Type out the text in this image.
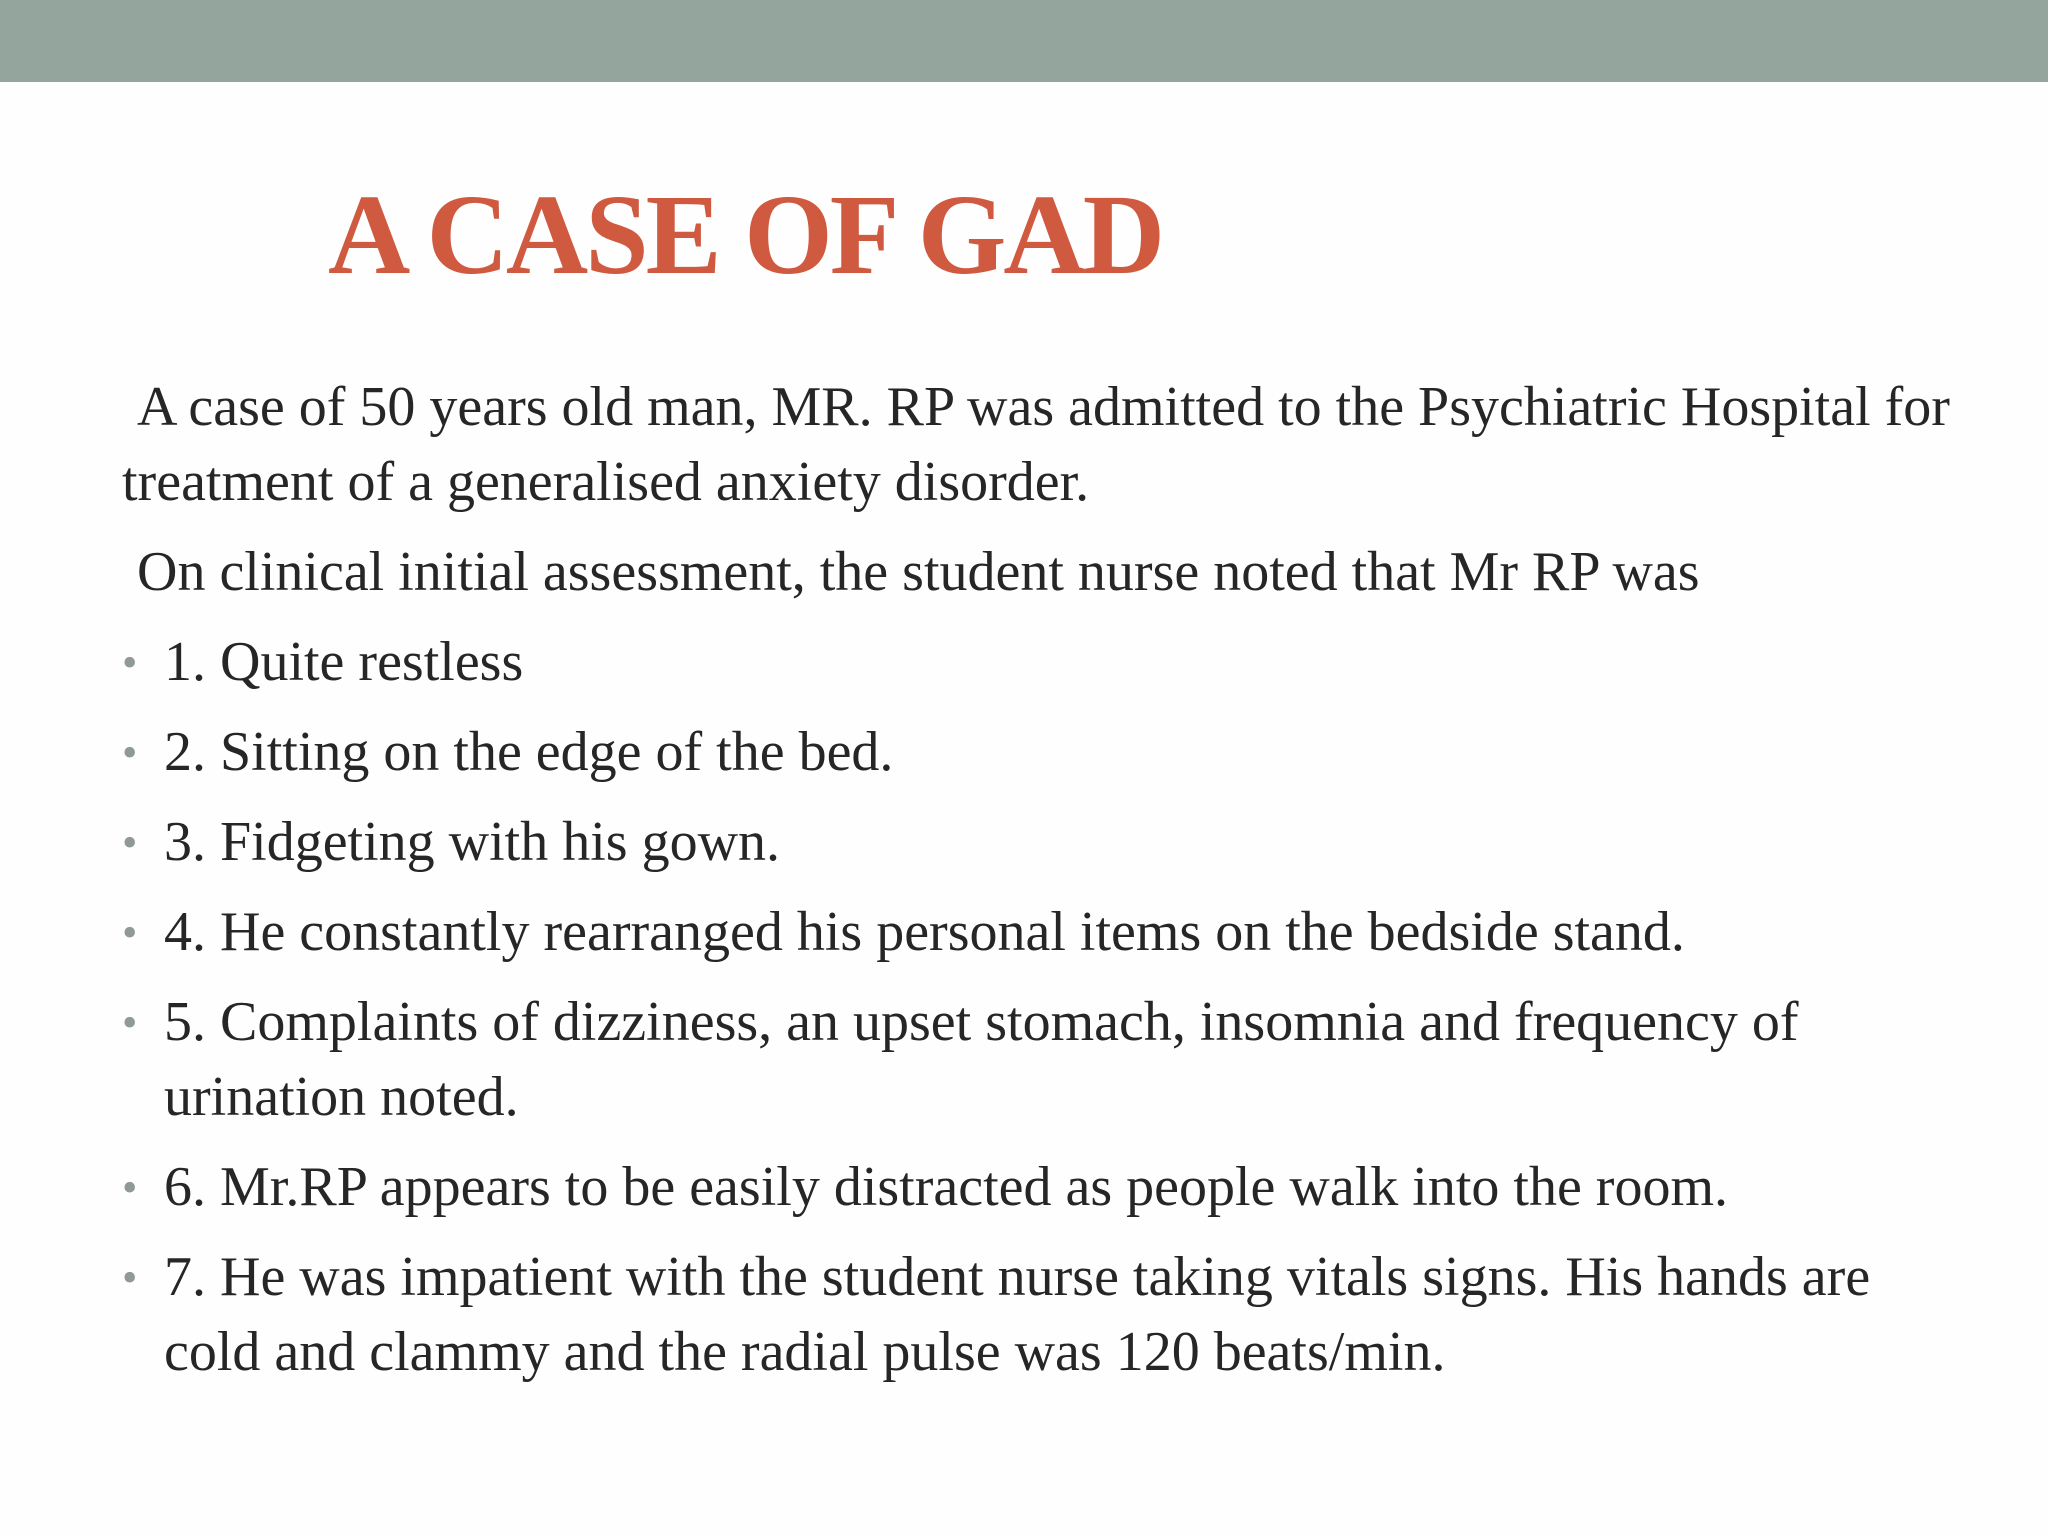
A CASE OF GAD

A case of 50 years old man, MR. RP was admitted to the Psychiatric Hospital for treatment of a generalised anxiety disorder.

On clinical initial assessment, the student nurse noted that Mr RP was

• 1. Quite restless
• 2. Sitting on the edge of the bed.
• 3. Fidgeting with his gown.
• 4. He constantly rearranged his personal items on the bedside stand.
• 5. Complaints of dizziness, an upset stomach, insomnia and frequency of urination noted.
• 6. Mr.RP appears to be easily distracted as people walk into the room.
• 7. He was impatient with the student nurse taking vitals signs. His hands are cold and clammy and the radial pulse was 120 beats/min.
